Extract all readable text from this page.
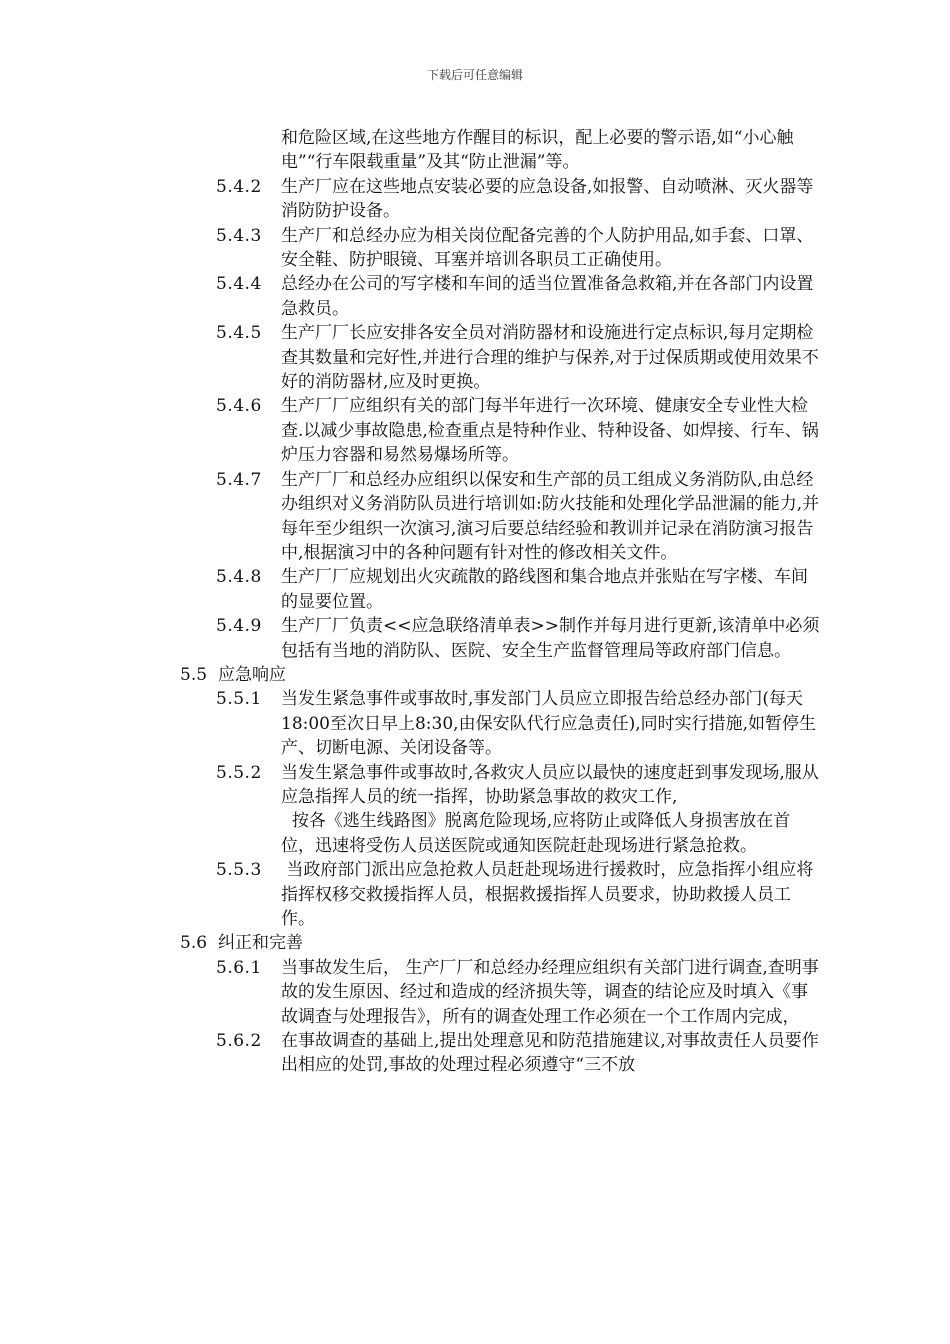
下载后可任意编辑
和危险区域,在这些地方作醒目的标识，配上必要的警示语,如“小心触电”“行车限载重量”及其“防止泄漏”等。
5.4.2	生产厂应在这些地点安装必要的应急设备,如报警、自动喷淋、灭火器等消防防护设备。
5.4.3	生产厂和总经办应为相关岗位配备完善的个人防护用品,如手套、口罩、安全鞋、防护眼镜、耳塞并培训各职员工正确使用。
5.4.4	总经办在公司的写字楼和车间的适当位置准备急救箱,并在各部门内设置急救员。
5.4.5	生产厂厂长应安排各安全员对消防器材和设施进行定点标识,每月定期检查其数量和完好性,并进行合理的维护与保养,对于过保质期或使用效果不好的消防器材,应及时更换。
5.4.6	生产厂厂应组织有关的部门每半年进行一次环境、健康安全专业性大检查.以减少事故隐患,检查重点是特种作业、特种设备、如焊接、行车、锅炉压力容器和易然易爆场所等。
5.4.7	生产厂厂和总经办应组织以保安和生产部的员工组成义务消防队,由总经办组织对义务消防队员进行培训如:防火技能和处理化学品泄漏的能力,并每年至少组织一次演习,演习后要总结经验和教训并记录在消防演习报告中,根据演习中的各种问题有针对性的修改相关文件。
5.4.8	生产厂厂应规划出火灾疏散的路线图和集合地点并张贴在写字楼、车间的显要位置。
5.4.9	生产厂厂负责<<应急联络清单表>>制作并每月进行更新,该清单中必须包括有当地的消防队、医院、安全生产监督管理局等政府部门信息。
5.5 应急响应
5.5.1	当发生紧急事件或事故时,事发部门人员应立即报告给总经办部门(每天18:00至次日早上8:30,由保安队代行应急责任),同时实行措施,如暂停生产、切断电源、关闭设备等。
5.5.2	当发生紧急事件或事故时,各救灾人员应以最快的速度赶到事发现场,服从应急指挥人员的统一指挥，协助紧急事故的救灾工作,
按各《逃生线路图》脱离危险现场,应将防止或降低人身损害放在首位，迅速将受伤人员送医院或通知医院赶赴现场进行紧急抢救。
5.5.3	当政府部门派出应急抢救人员赶赴现场进行援救时，应急指挥小组应将指挥权移交救援指挥人员，根据救援指挥人员要求，协助救援人员工作。
5.6 纠正和完善
5.6.1	当事故发生后， 生产厂厂和总经办经理应组织有关部门进行调查,查明事故的发生原因、经过和造成的经济损失等，调查的结论应及时填入《事故调查与处理报告》，所有的调查处理工作必须在一个工作周内完成，
5.6.2	在事故调查的基础上,提出处理意见和防范措施建议,对事故责任人员要作出相应的处罚,事故的处理过程必须遵守“三不放
